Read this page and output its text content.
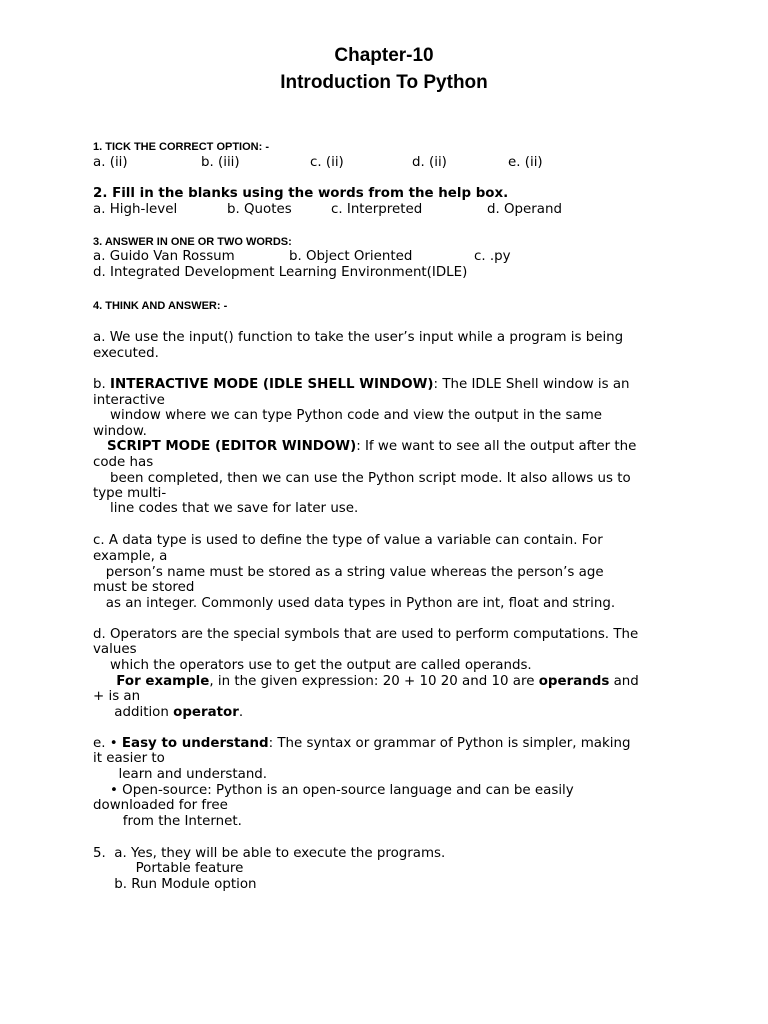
Chapter-10
Introduction To Python
1. TICK THE CORRECT OPTION: -
a. (ii)	b. (iii)	c. (ii)	d. (ii)	e. (ii)
2. Fill in the blanks using the words from the help box.
a. High-level	b. Quotes	c. Interpreted	d. Operand
3. ANSWER IN ONE OR TWO WORDS:
a. Guido Van Rossum	b. Object Oriented	c. .py
d. Integrated Development Learning Environment(IDLE)
4. THINK AND ANSWER: -
a. We use the input() function to take the user’s input while a program is being
executed.
b. INTERACTIVE MODE (IDLE SHELL WINDOW): The IDLE Shell window is an
interactive
window where we can type Python code and view the output in the same
window.
SCRIPT MODE (EDITOR WINDOW): If we want to see all the output after the
code has
been completed, then we can use the Python script mode. It also allows us to
type multi-
line codes that we save for later use.
c. A data type is used to define the type of value a variable can contain. For
example, a
person’s name must be stored as a string value whereas the person’s age
must be stored
as an integer. Commonly used data types in Python are int, float and string.
d. Operators are the special symbols that are used to perform computations. The
values
which the operators use to get the output are called operands.
For example, in the given expression: 20 + 10 20 and 10 are operands and
+ is an
addition operator.
e. • Easy to understand: The syntax or grammar of Python is simpler, making
it easier to
learn and understand.
• Open-source: Python is an open-source language and can be easily
downloaded for free
from the Internet.
5.  a. Yes, they will be able to execute the programs.
Portable feature
b. Run Module option
